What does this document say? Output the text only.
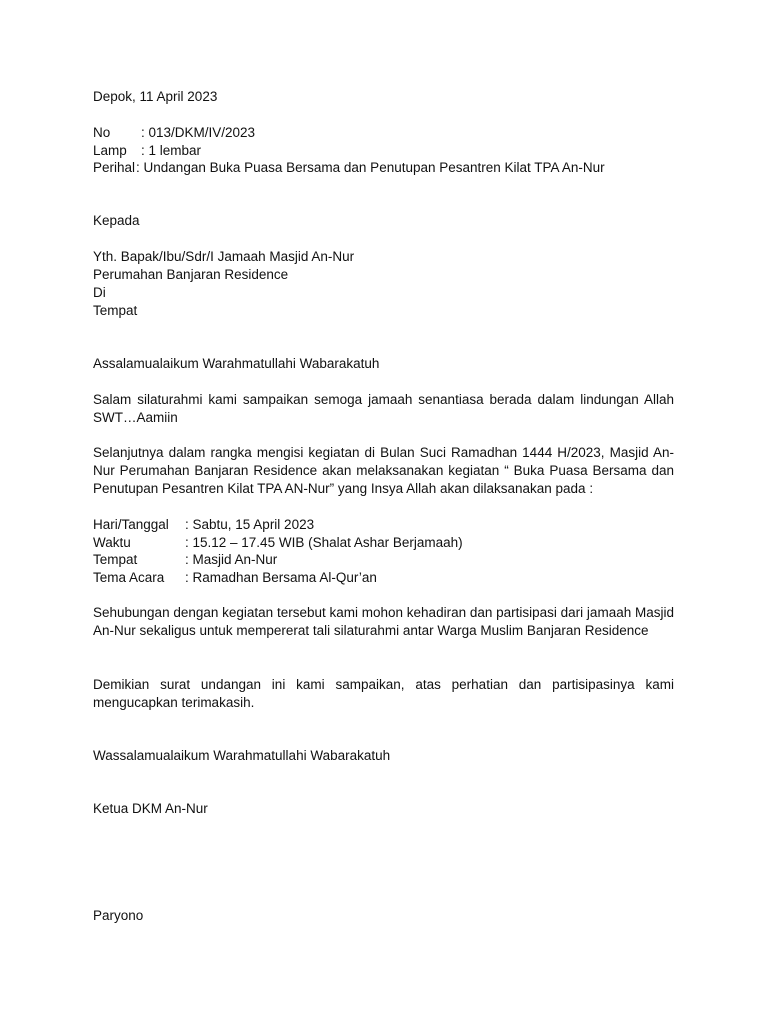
Depok, 11 April 2023
No : 013/DKM/IV/2023
Lamp : 1 lembar
Perihal: Undangan Buka Puasa Bersama dan Penutupan Pesantren Kilat TPA An-Nur
Kepada
Yth. Bapak/Ibu/Sdr/I Jamaah Masjid An-Nur
Perumahan Banjaran Residence
Di
Tempat
Assalamualaikum Warahmatullahi Wabarakatuh
Salam silaturahmi kami sampaikan semoga jamaah senantiasa berada dalam lindungan Allah SWT…Aamiin
Selanjutnya dalam rangka mengisi kegiatan di Bulan Suci Ramadhan 1444 H/2023, Masjid An-Nur Perumahan Banjaran Residence akan melaksanakan kegiatan “ Buka Puasa Bersama dan Penutupan Pesantren Kilat TPA AN-Nur” yang Insya Allah akan dilaksanakan pada :
Hari/Tanggal : Sabtu, 15 April 2023
Waktu	: 15.12 – 17.45 WIB (Shalat Ashar Berjamaah)
Tempat	: Masjid An-Nur
Tema Acara : Ramadhan Bersama Al-Qur’an
Sehubungan dengan kegiatan tersebut kami mohon kehadiran dan partisipasi dari jamaah Masjid An-Nur sekaligus untuk mempererat tali silaturahmi antar Warga Muslim Banjaran Residence
Demikian surat undangan ini kami sampaikan, atas perhatian dan partisipasinya kami mengucapkan terimakasih.
Wassalamualaikum Warahmatullahi Wabarakatuh
Ketua DKM An-Nur
Paryono
